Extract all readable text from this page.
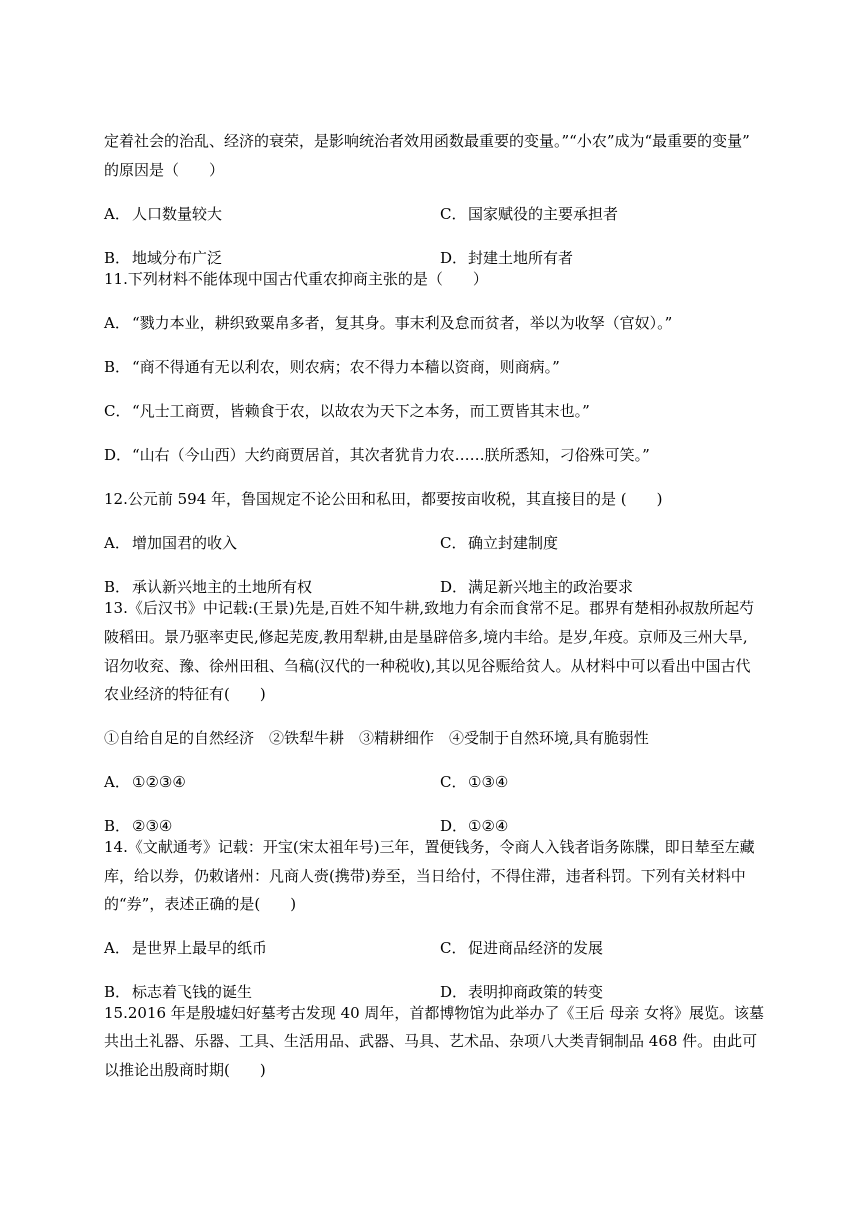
定着社会的治乱、经济的衰荣，是影响统治者效用函数最重要的变量。”“小农”成为“最重要的变量”
的原因是（　　）
A． 人口数量较大	C． 国家赋役的主要承担者
B． 地域分布广泛	D．封建土地所有者
11.下列材料不能体现中国古代重农抑商主张的是（　　）
A． “戮力本业，耕织致粟帛多者，复其身。事末利及怠而贫者，举以为收孥（官奴）。”
B． “商不得通有无以利农，则农病；农不得力本穑以资商，则商病。”
C． “凡士工商贾，皆赖食于农，以故农为天下之本务，而工贾皆其末也。”
D．“山右（今山西）大约商贾居首，其次者犹肯力农……朕所悉知，刁俗殊可笑。”
12.公元前 594 年，鲁国规定不论公田和私田，都要按亩收税，其直接目的是 (　　)
A． 增加国君的收入	C． 确立封建制度
B． 承认新兴地主的土地所有权	D．满足新兴地主的政治要求
13.《后汉书》中记载:(王景)先是,百姓不知牛耕,致地力有余而食常不足。郡界有楚相孙叔敖所起芍
陂稻田。景乃驱率吏民,修起芜废,教用犁耕,由是垦辟倍多,境内丰给。是岁,年疫。京师及三州大旱,
诏勿收兖、豫、徐州田租、刍稿(汉代的一种税收),其以见谷赈给贫人。从材料中可以看出中国古代
农业经济的特征有(　　)
①自给自足的自然经济　②铁犁牛耕　③精耕细作　④受制于自然环境,具有脆弱性
A． ①②③④	C． ①③④
B． ②③④	D．①②④
14.《文献通考》记载：开宝(宋太祖年号)三年，置便钱务，令商人入钱者诣务陈牒，即日辇至左藏
库，给以券，仍敕诸州：凡商人赍(携带)券至，当日给付，不得住滞，违者科罚。下列有关材料中
的“券”，表述正确的是(　　)
A． 是世界上最早的纸币	C． 促进商品经济的发展
B． 标志着飞钱的诞生	D．表明抑商政策的转变
15.2016 年是殷墟妇好墓考古发现 40 周年，首都博物馆为此举办了《王后 母亲 女将》展览。该墓
共出土礼器、乐器、工具、生活用品、武器、马具、艺术品、杂项八大类青铜制品 468 件。由此可
以推论出殷商时期(　　)
